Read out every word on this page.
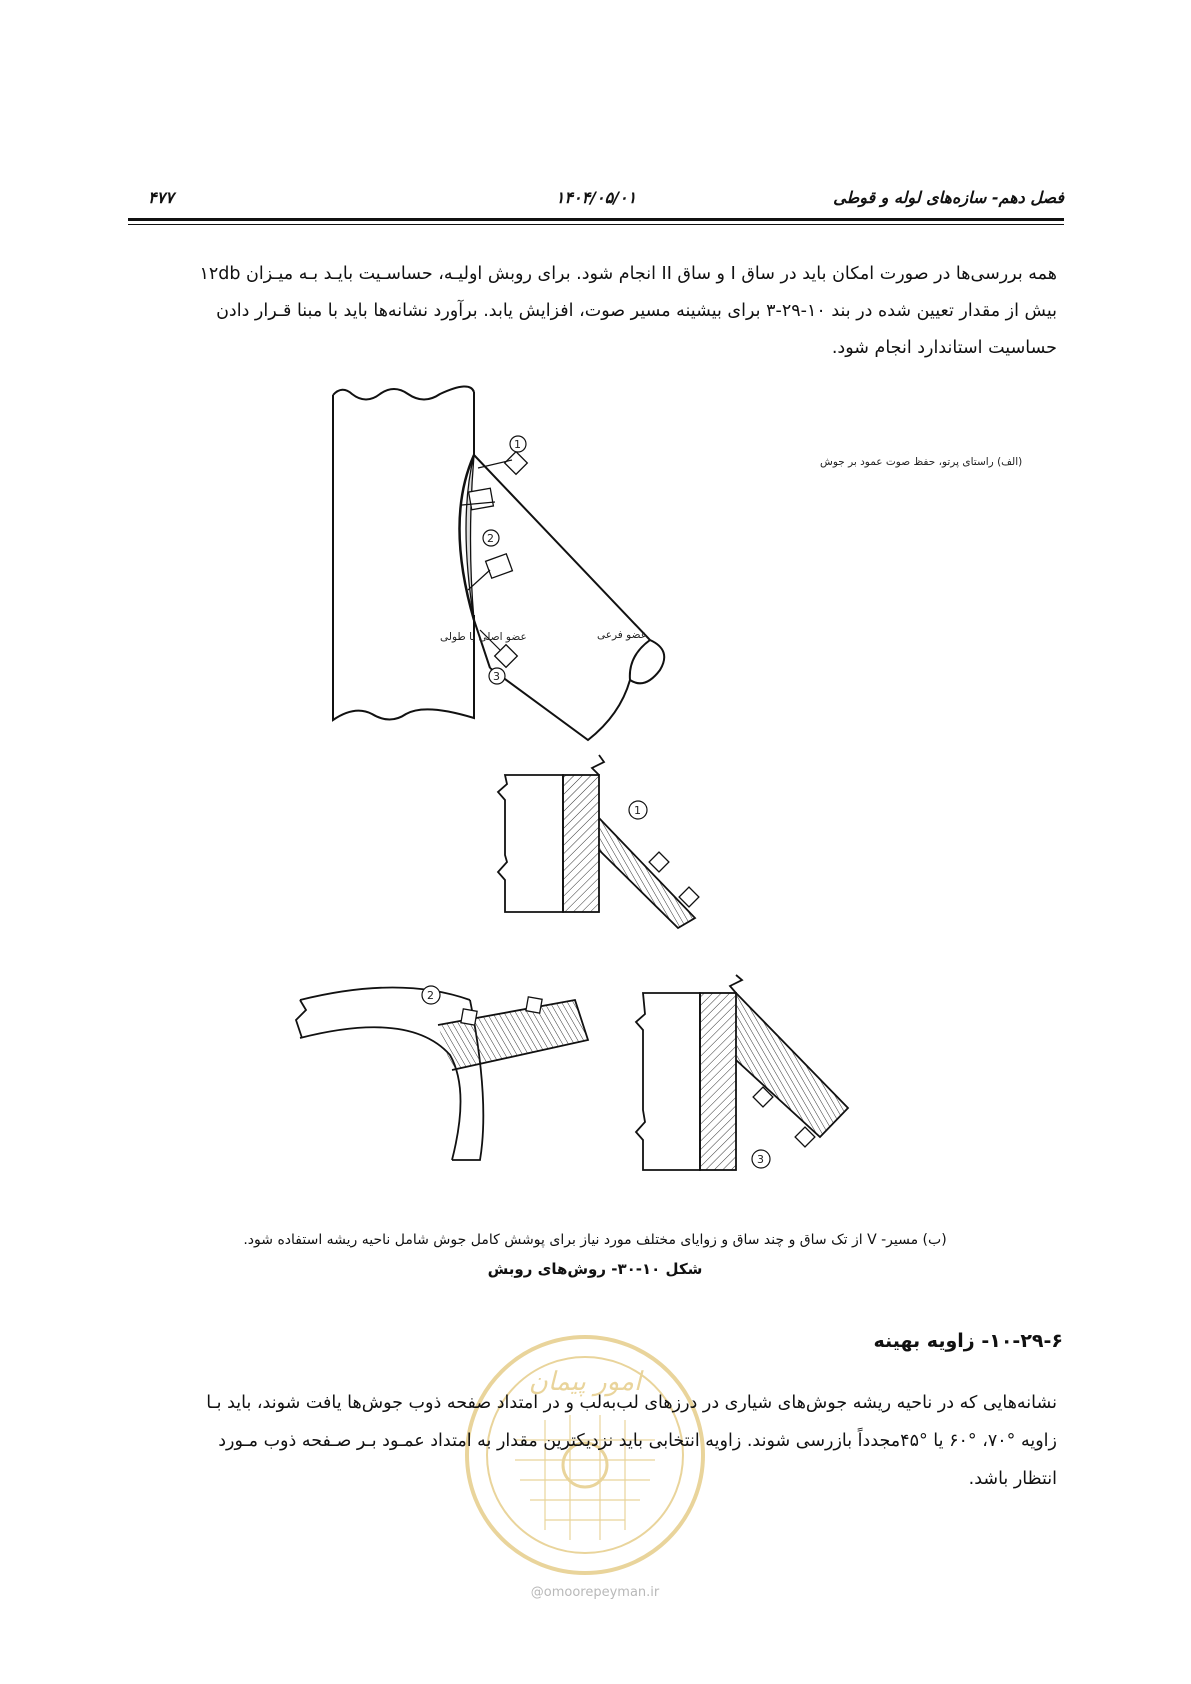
فصل دهم- سازه‌های لوله و قوطی
۱۴۰۴/۰۵/۰۱
۴۷۷
همه بررسی‌ها در صورت امکان باید در ساق I و ساق II انجام شود. برای روبش اولیـه، حساسـیت بایـد بـه میـزان ۱۲db
بیش از مقدار تعیین شده در بند ۱۰-۲۹-۳ برای بیشینه مسیر صوت، افزایش یابد. برآورد نشانه‌ها باید با مبنا قـرار دادن
حساسیت استاندارد انجام شود.
1
2
3
(الف) راستای پرتو، حفظ صوت عمود بر جوش
عضو اصلی یا طولی	عضو فرعی
1
2
3
(ب) مسیر- V از تک ساق و چند ساق و زوایای مختلف مورد نیاز برای پوشش کامل جوش شامل ناحیه ریشه استفاده شود.
شکل ۱۰-۳۰- روش‌های روبش
امور پیمان
@omoorepeyman.ir
۱۰-۲۹-۶- زاویه بهینه
نشانه‌هایی که در ناحیه ریشه جوش‌های شیاری در درزهای لب‌به‌لب و در امتداد صفحه ذوب جوش‌ها یافت شوند، باید بـا
زاویه °۷۰، °۶۰ یا °۴۵مجدداً بازرسی شوند. زاویه انتخابی باید نزدیکترین مقدار به امتداد عمـود بـر صـفحه ذوب مـورد
انتظار باشد.
